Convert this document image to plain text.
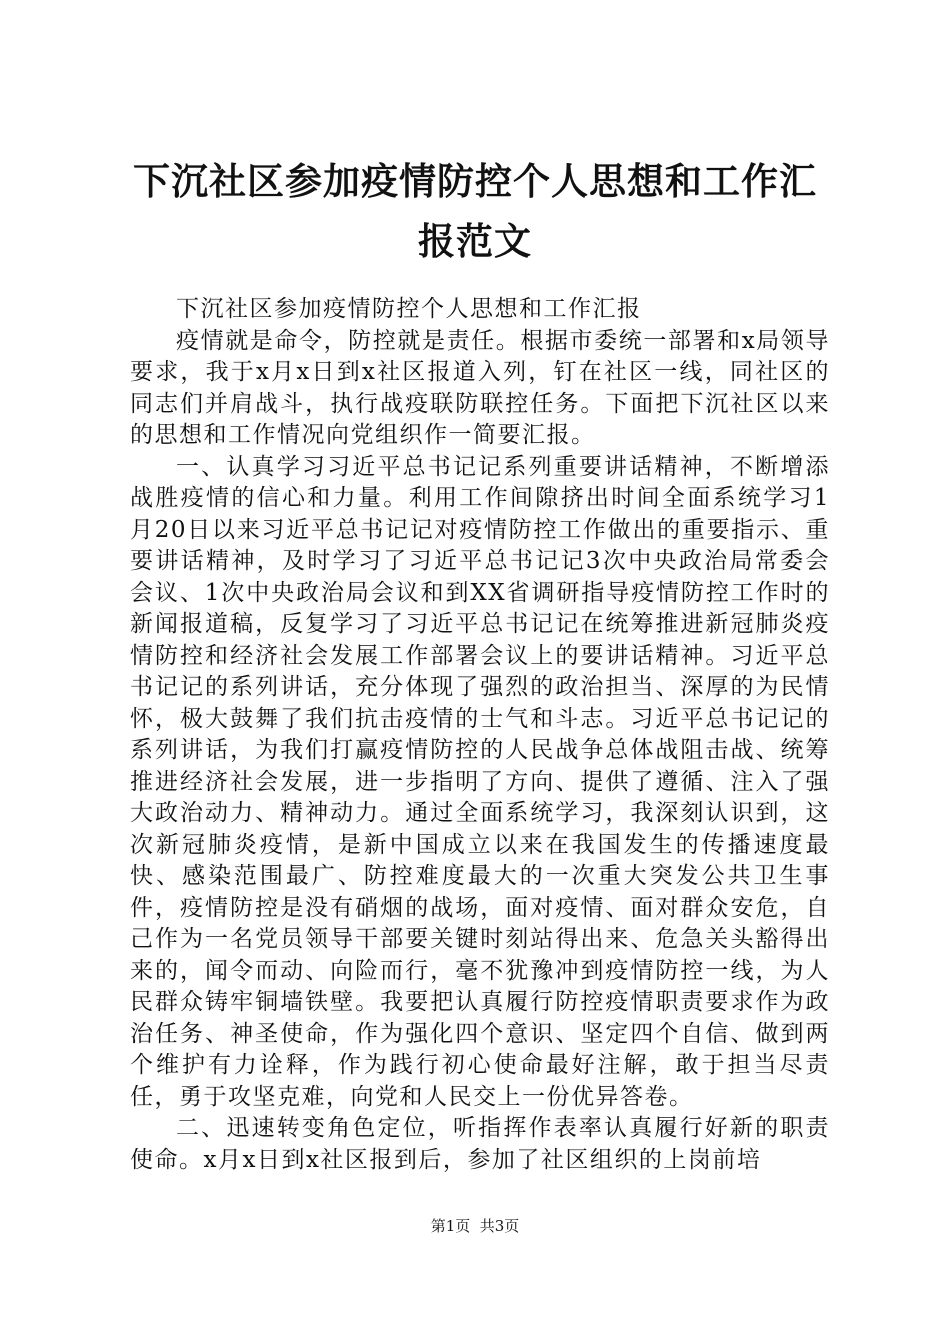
下沉社区参加疫情防控个人思想和工作汇报范文

下沉社区参加疫情防控个人思想和工作汇报

疫情就是命令，防控就是责任。根据市委统一部署和x局领导要求，我于x月x日到x社区报道入列，钉在社区一线，同社区的同志们并肩战斗，执行战疫联防联控任务。下面把下沉社区以来的思想和工作情况向党组织作一简要汇报。

一、认真学习习近平总书记记系列重要讲话精神，不断增添战胜疫情的信心和力量。利用工作间隙挤出时间全面系统学习1月20日以来习近平总书记记对疫情防控工作做出的重要指示、重要讲话精神，及时学习了习近平总书记记3次中央政治局常委会会议、1次中央政治局会议和到XX省调研指导疫情防控工作时的新闻报道稿，反复学习了习近平总书记记在统筹推进新冠肺炎疫情防控和经济社会发展工作部署会议上的要讲话精神。习近平总书记记的系列讲话，充分体现了强烈的政治担当、深厚的为民情怀，极大鼓舞了我们抗击疫情的士气和斗志。习近平总书记记的系列讲话，为我们打赢疫情防控的人民战争总体战阻击战、统筹推进经济社会发展，进一步指明了方向、提供了遵循、注入了强大政治动力、精神动力。通过全面系统学习，我深刻认识到，这次新冠肺炎疫情，是新中国成立以来在我国发生的传播速度最快、感染范围最广、防控难度最大的一次重大突发公共卫生事件，疫情防控是没有硝烟的战场，面对疫情、面对群众安危，自己作为一名党员领导干部要关键时刻站得出来、危急关头豁得出来的，闻令而动、向险而行，毫不犹豫冲到疫情防控一线，为人民群众铸牢铜墙铁壁。我要把认真履行防控疫情职责要求作为政治任务、神圣使命，作为强化四个意识、坚定四个自信、做到两个维护有力诠释，作为践行初心使命最好注解，敢于担当尽责任，勇于攻坚克难，向党和人民交上一份优异答卷。

二、迅速转变角色定位，听指挥作表率认真履行好新的职责使命。x月x日到x社区报到后，参加了社区组织的上岗前培

第1页  共3页
